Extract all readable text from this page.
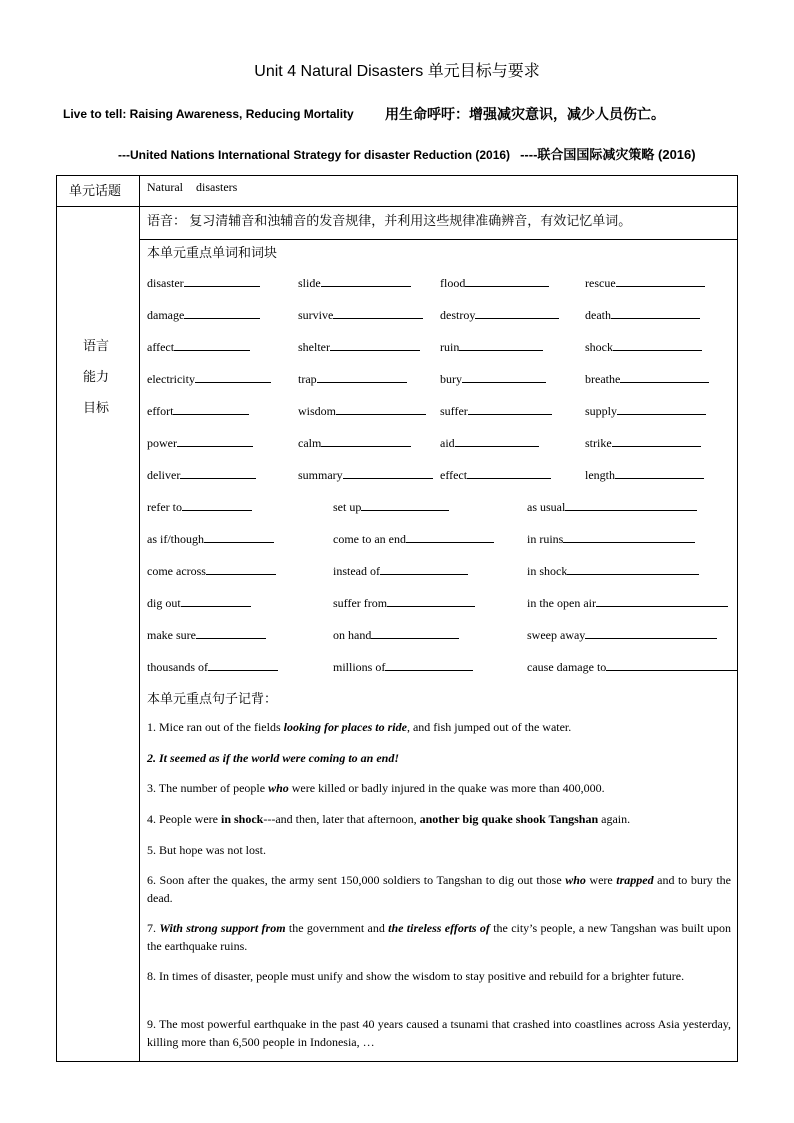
Unit 4 Natural Disasters 单元目标与要求
Live to tell: Raising Awareness, Reducing Mortality 用生命呼吁：增强减灾意识，减少人员伤亡。
---United Nations International Strategy for disaster Reduction (2016) ----联合国国际减灾策略 (2016)
单元话题 Natural disasters
语言
能力
目标
语音： 复习清辅音和浊辅音的发音规律，并利用这些规律准确辨音，有效记忆单词。
本单元重点单词和词块
disaster	slide	flood	rescue
damage	survive	destroy	death
affect	shelter	ruin	shock
electricity	trap	bury	breathe
effort	wisdom	suffer	supply
power	calm	aid	strike
deliver	summary	effect	length
refer to	set up	as usual
as if/though	come to an end	in ruins
come across	instead of	in shock
dig out	suffer from	in the open air
make sure	on hand	sweep away
thousands of	millions of	cause damage to
本单元重点句子记背：
1. Mice ran out of the fields looking for places to ride, and fish jumped out of the water.
2. It seemed as if the world were coming to an end!
3. The number of people who were killed or badly injured in the quake was more than 400,000.
4. People were in shock---and then, later that afternoon, another big quake shook Tangshan again.
5. But hope was not lost.
6. Soon after the quakes, the army sent 150,000 soldiers to Tangshan to dig out those who were trapped and to bury the dead.
7. With strong support from the government and the tireless efforts of the city’s people, a new Tangshan was built upon the earthquake ruins.
8. In times of disaster, people must unify and show the wisdom to stay positive and rebuild for a brighter future.
9. The most powerful earthquake in the past 40 years caused a tsunami that crashed into coastlines across Asia yesterday, killing more than 6,500 people in Indonesia, …
